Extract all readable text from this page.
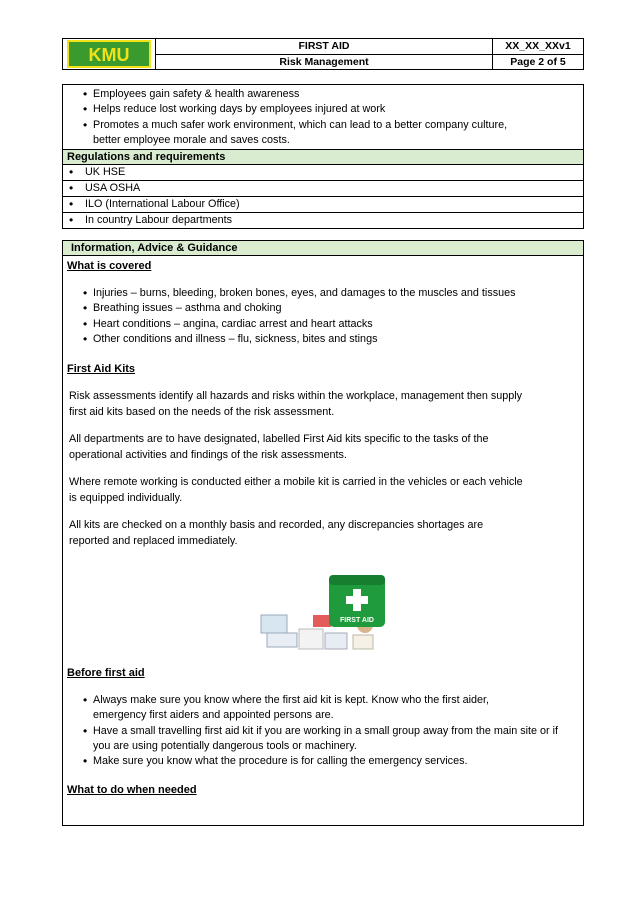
KMU	FIRST AID	XX_XX_XXv1
	Risk Management	Page 2 of 5
• Employees gain safety & health awareness
• Helps reduce lost working days by employees injured at work
• Promotes a much safer work environment, which can lead to a better company culture, better employee morale and saves costs.
Regulations and requirements
• UK HSE
• USA OSHA
• ILO (International Labour Office)
• In country Labour departments
Information, Advice & Guidance
What is covered
• Injuries – burns, bleeding, broken bones, eyes, and damages to the muscles and tissues
• Breathing issues – asthma and choking
• Heart conditions – angina, cardiac arrest and heart attacks
• Other conditions and illness – flu, sickness, bites and stings
First Aid Kits

Risk assessments identify all hazards and risks within the workplace, management then supply first aid kits based on the needs of the risk assessment.

All departments are to have designated, labelled First Aid kits specific to the tasks of the operational activities and findings of the risk assessments.

Where remote working is conducted either a mobile kit is carried in the vehicles or each vehicle is equipped individually.

All kits are checked on a monthly basis and recorded, any discrepancies shortages are reported and replaced immediately.

FIRST AID
Before first aid
• Always make sure you know where the first aid kit is kept. Know who the first aider, emergency first aiders and appointed persons are.
• Have a small travelling first aid kit if you are working in a small group away from the main site or if you are using potentially dangerous tools or machinery.
• Make sure you know what the procedure is for calling the emergency services.
What to do when needed
